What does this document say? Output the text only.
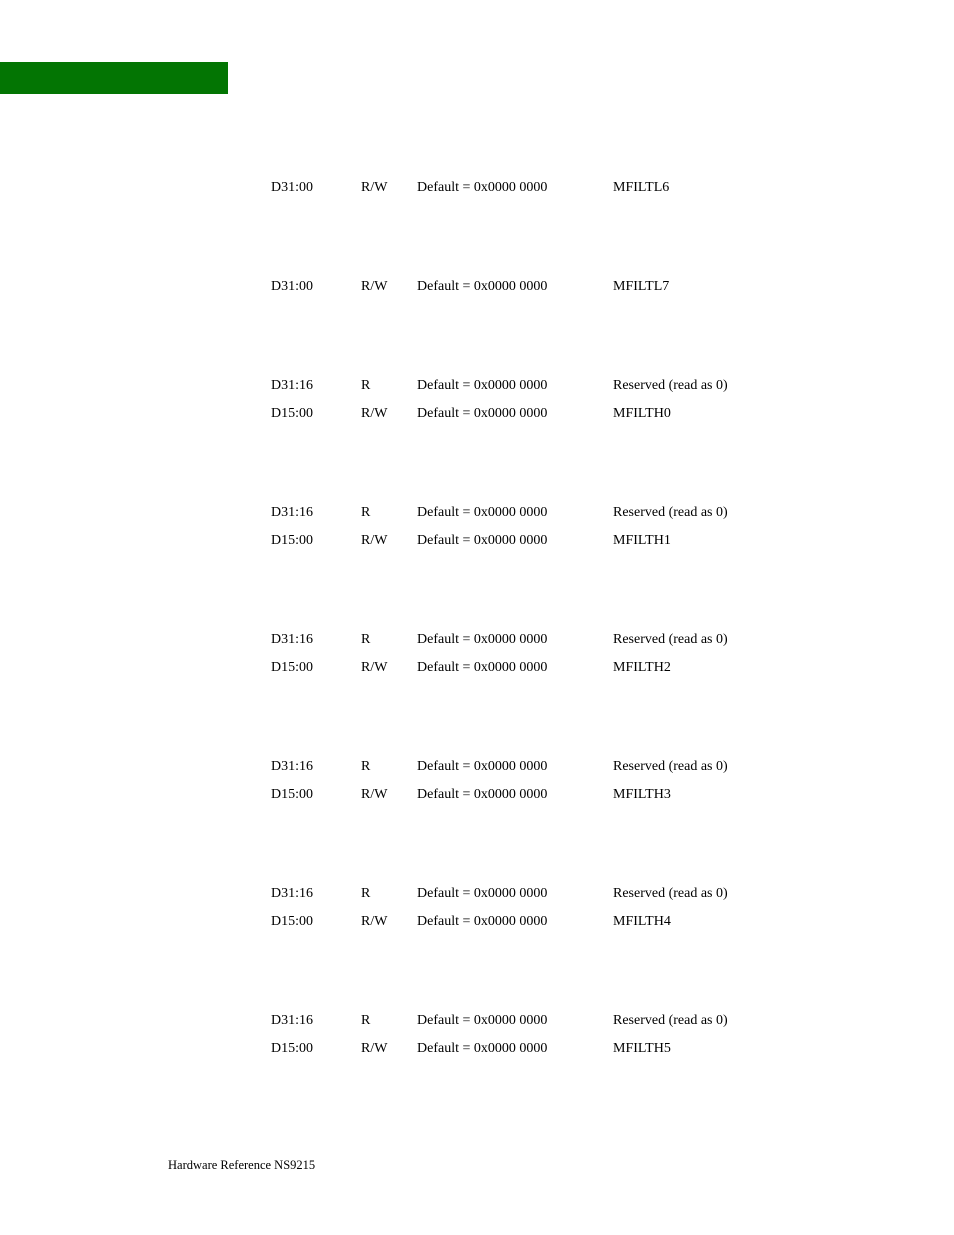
D31:00	R/W Default = 0x0000 0000	MFILTL6
D31:00	R/W Default = 0x0000 0000	MFILTL7
D31:16	R	Default = 0x0000 0000	Reserved (read as 0)
D15:00	R/W Default = 0x0000 0000	MFILTH0
D31:16	R	Default = 0x0000 0000	Reserved (read as 0)
D15:00	R/W Default = 0x0000 0000	MFILTH1
D31:16	R	Default = 0x0000 0000	Reserved (read as 0)
D15:00	R/W Default = 0x0000 0000	MFILTH2
D31:16	R	Default = 0x0000 0000	Reserved (read as 0)
D15:00	R/W Default = 0x0000 0000	MFILTH3
D31:16	R	Default = 0x0000 0000	Reserved (read as 0)
D15:00	R/W Default = 0x0000 0000	MFILTH4
D31:16	R	Default = 0x0000 0000	Reserved (read as 0)
D15:00	R/W Default = 0x0000 0000	MFILTH5
Hardware Reference NS9215
